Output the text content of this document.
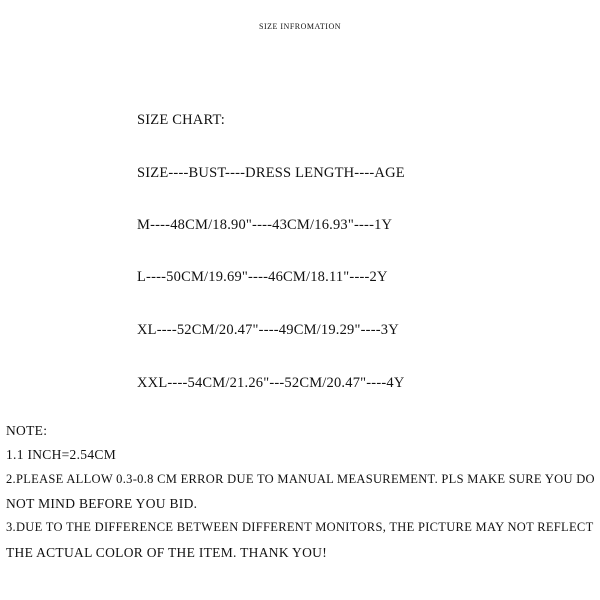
SIZE INFROMATION
SIZE CHART:
SIZE----BUST----DRESS LENGTH----AGE
M----48CM/18.90"----43CM/16.93"----1Y
L----50CM/19.69"----46CM/18.11"----2Y
XL----52CM/20.47"----49CM/19.29"----3Y
XXL----54CM/21.26"---52CM/20.47"----4Y
NOTE:
1.1 INCH=2.54CM
2.PLEASE ALLOW 0.3-0.8 CM ERROR DUE TO MANUAL MEASUREMENT. PLS MAKE SURE YOU DO
NOT MIND BEFORE YOU BID.
3.DUE TO THE DIFFERENCE BETWEEN DIFFERENT MONITORS, THE PICTURE MAY NOT REFLECT
THE ACTUAL COLOR OF THE ITEM. THANK YOU!
